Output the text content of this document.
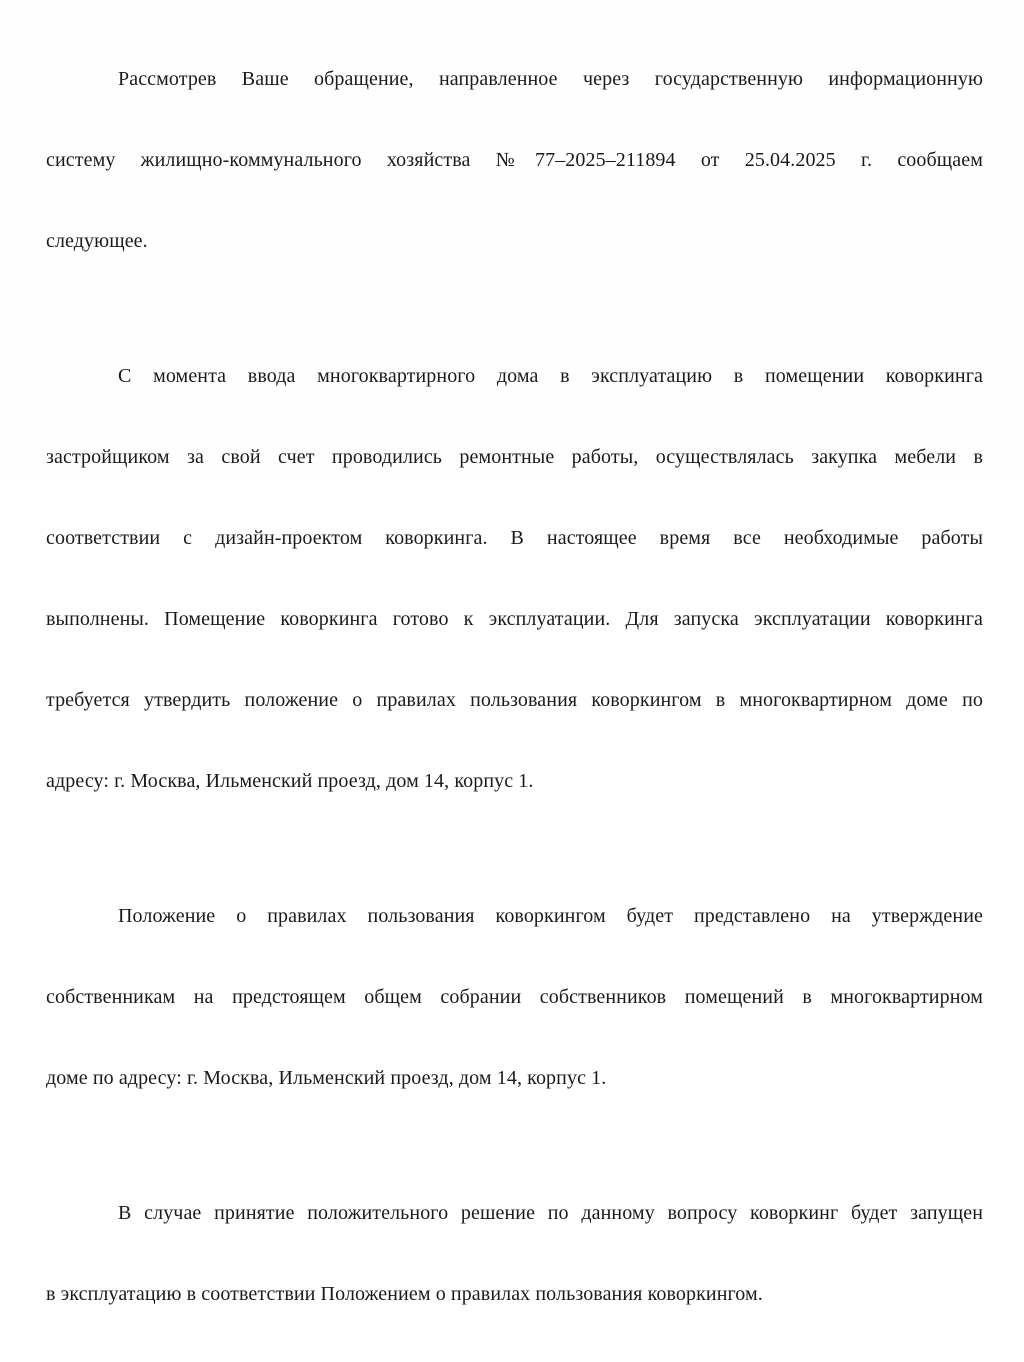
Рассмотрев Ваше обращение, направленное через государственную информационную

систему жилищно-коммунального хозяйства №77–2025–211894 от 25.04.2025 г. сообщаем

следующее.

С момента ввода многоквартирного дома в эксплуатацию в помещении коворкинга

застройщиком за свой счет проводились ремонтные работы, осуществлялась закупка мебели в

соответствии с дизайн-проектом коворкинга. В настоящее время все необходимые работы

выполнены. Помещение коворкинга готово к эксплуатации. Для запуска эксплуатации коворкинга

требуется утвердить положение о правилах пользования коворкингом в многоквартирном доме по

адресу: г. Москва, Ильменский проезд, дом 14, корпус 1.

Положение о правилах пользования коворкингом будет представлено на утверждение

собственникам на предстоящем общем собрании собственников помещений в многоквартирном

доме по адресу: г. Москва, Ильменский проезд, дом 14, корпус 1.

В случае принятие положительного решение по данному вопросу коворкинг будет запущен

в эксплуатацию в соответствии Положением о правилах пользования коворкингом.
